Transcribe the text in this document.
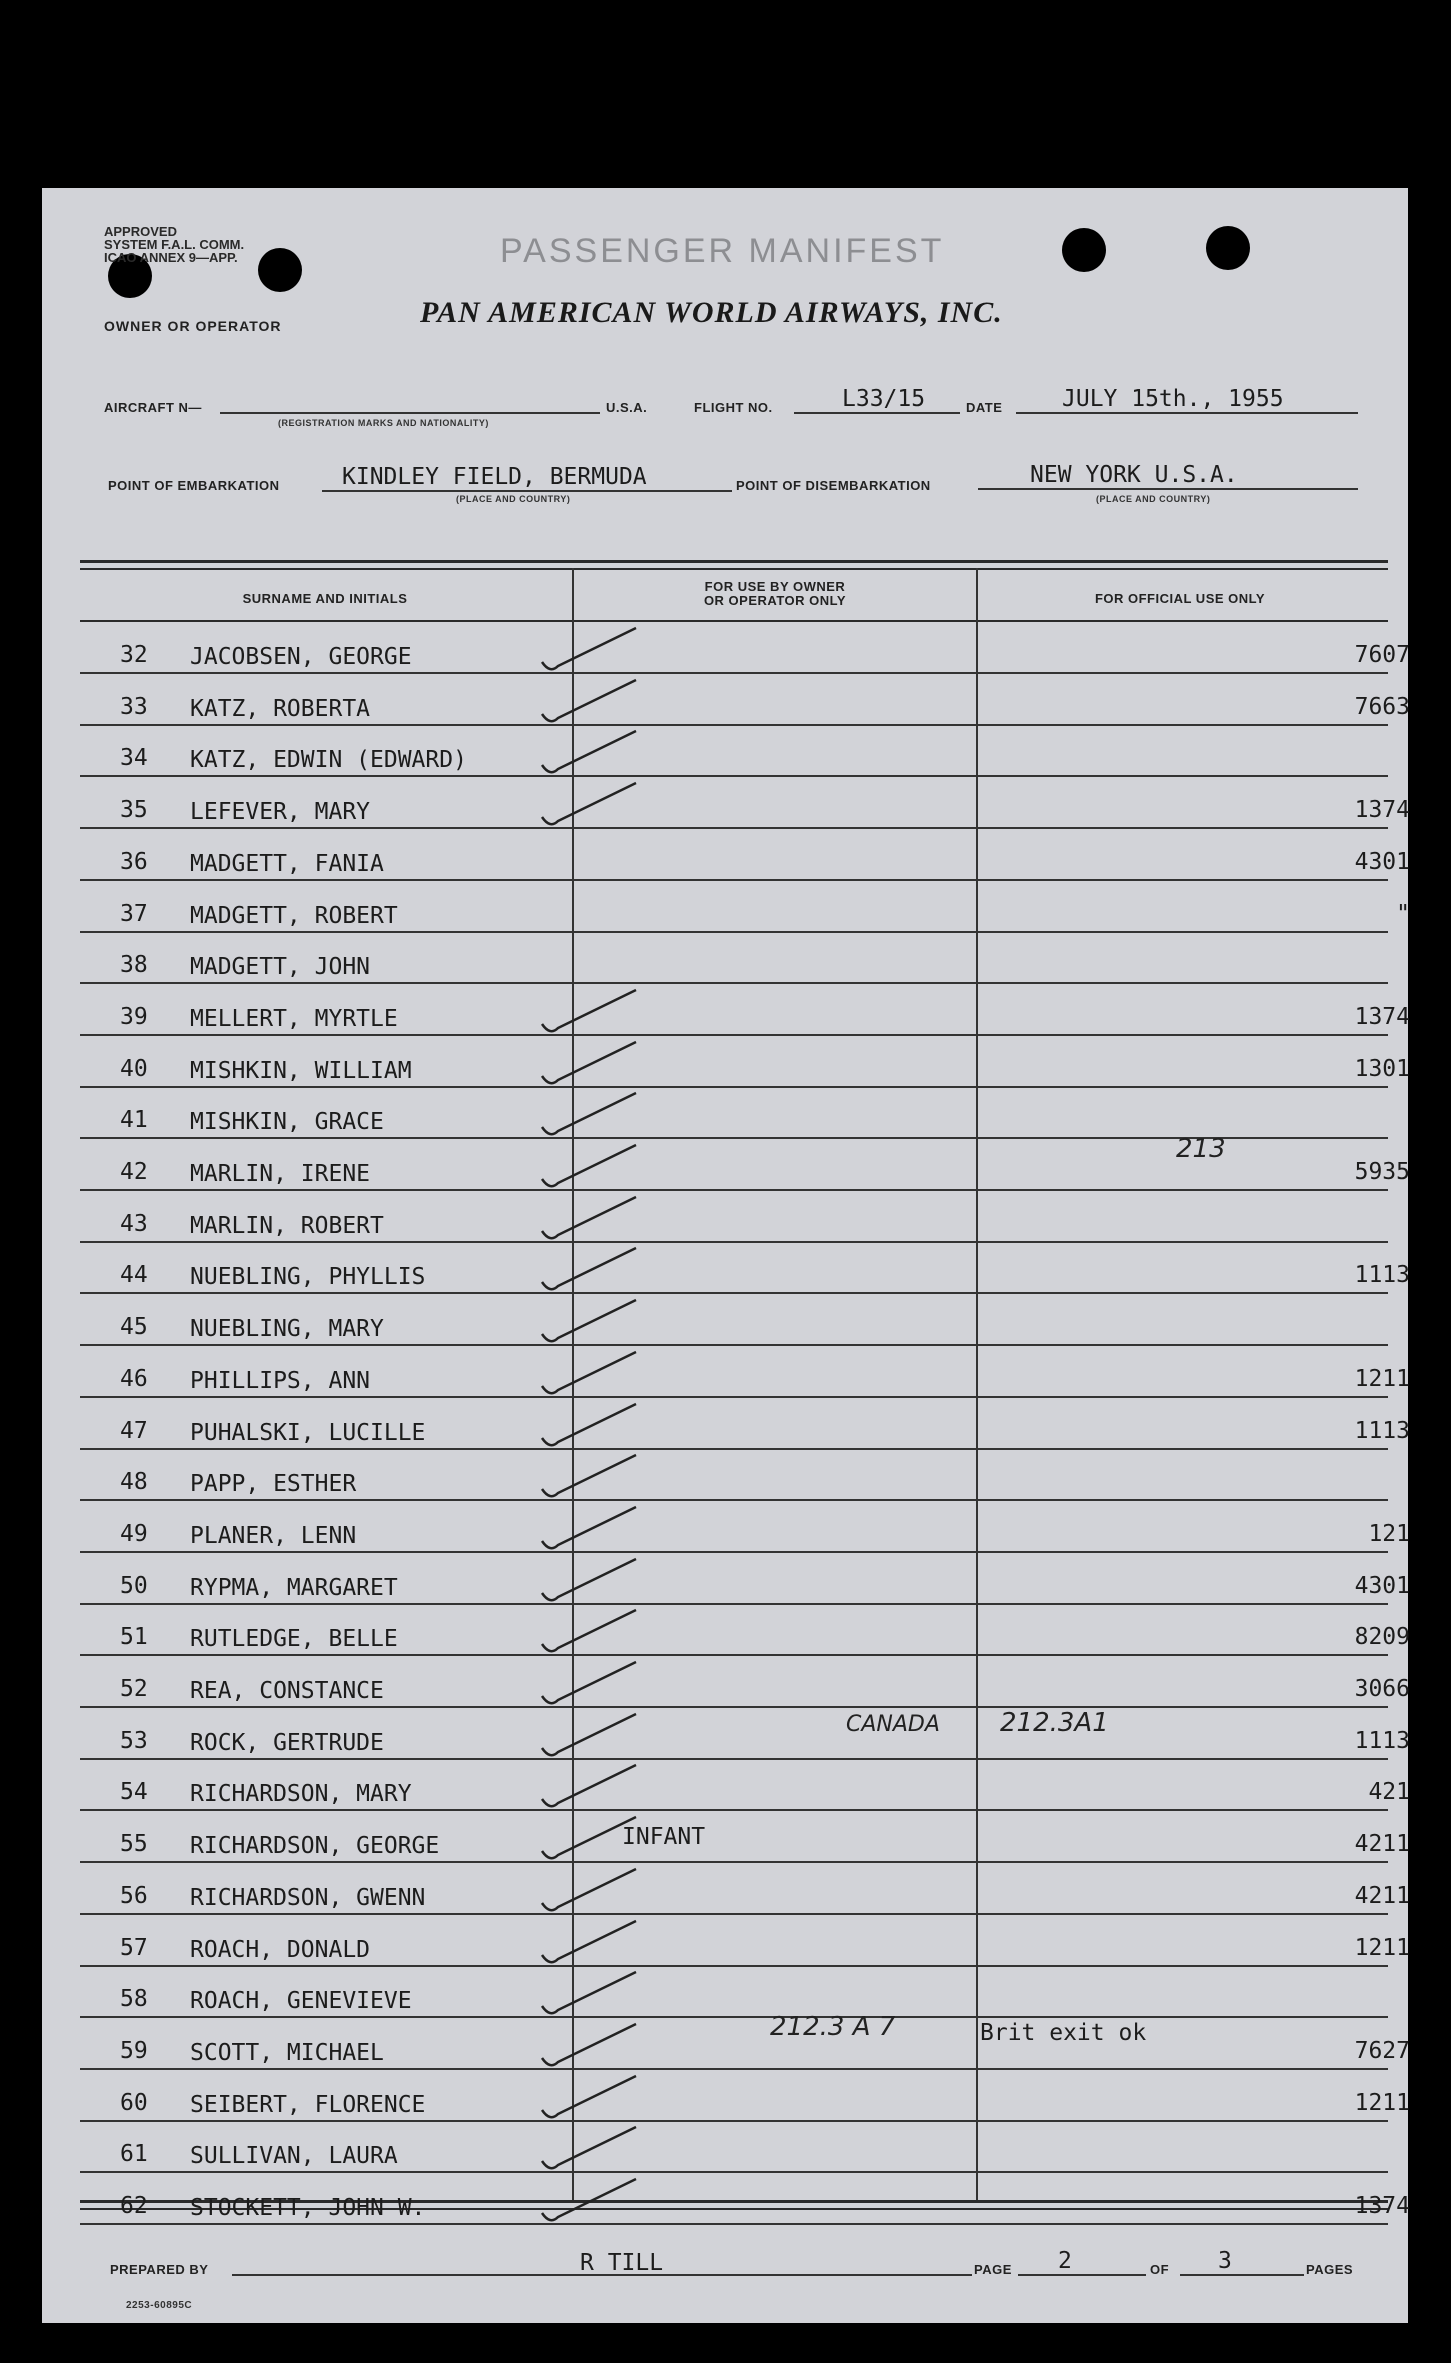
APPROVED
SYSTEM F.A.L. COMM.
ICAO ANNEX 9—APP.	PASSENGER MANIFEST
OWNER OR OPERATOR	PAN AMERICAN WORLD AIRWAYS, INC.
AIRCRAFT N—
(REGISTRATION MARKS AND NATIONALITY)
U.S.A.	FLIGHT NO.	L33/15	DATE	JULY 15th., 1955
POINT OF EMBARKATION	KINDLEY FIELD, BERMUDA
(PLACE AND COUNTRY)
POINT OF DISEMBARKATION	NEW YORK U.S.A.
(PLACE AND COUNTRY)
SURNAME AND INITIALS
FOR USE BY OWNER
OR OPERATOR ONLY	FOR OFFICIAL USE ONLY
32 JACOBSEN, GEORGE	7607
33 KATZ, ROBERTA	7663
34 KATZ, EDWIN (EDWARD)
35 LEFEVER, MARY	1374
36 MADGETT, FANIA	4301
37 MADGETT, ROBERT	"
38 MADGETT, JOHN
39 MELLERT, MYRTLE	1374
40 MISHKIN, WILLIAM	1301
41 MISHKIN, GRACE
42 MARLIN, IRENE	5935
43 MARLIN, ROBERT
44 NUEBLING, PHYLLIS	1113
45 NUEBLING, MARY
46 PHILLIPS, ANN	1211
47 PUHALSKI, LUCILLE	1113
48 PAPP, ESTHER
49 PLANER, LENN	121
50 RYPMA, MARGARET	4301
51 RUTLEDGE, BELLE	8209
52 REA, CONSTANCE	3066
53 ROCK, GERTRUDE	1113
54 RICHARDSON, MARY	421
55 RICHARDSON, GEORGE	4211
56 RICHARDSON, GWENN	4211
57 ROACH, DONALD	1211
58 ROACH, GENEVIEVE
59 SCOTT, MICHAEL	7627
60 SEIBERT, FLORENCE	1211
61 SULLIVAN, LAURA
62 STOCKETT, JOHN W.	1374
213
CANADA 212.3A1
INFANT
212.3 A 7	Brit exit ok
PREPARED BY	R TILL	PAGE 2	OF 3	PAGES
2253-60895C
